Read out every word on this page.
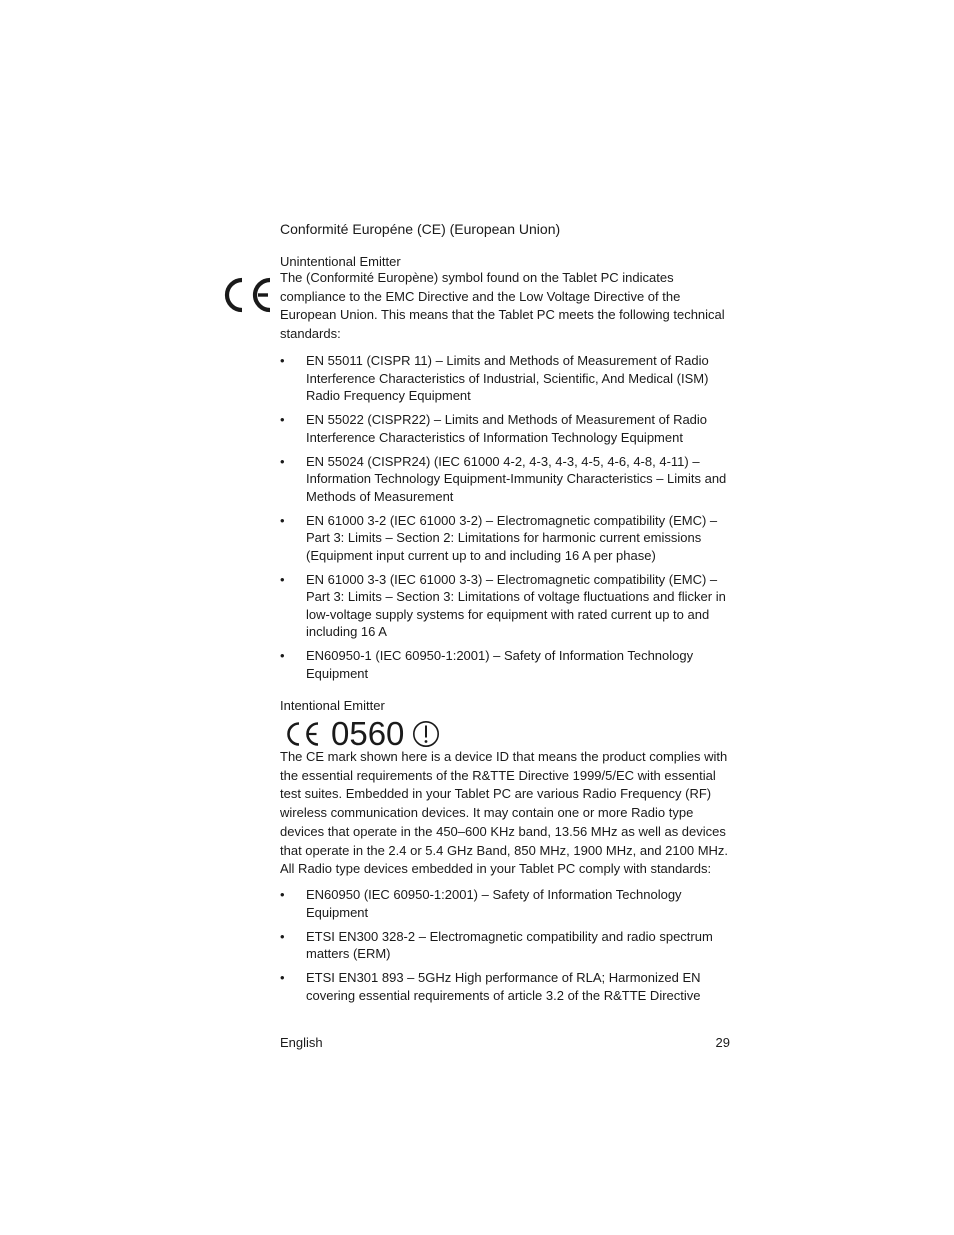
Conformité Européne (CE) (European Union)
Unintentional Emitter

The (Conformité Europène) symbol found on the Tablet PC indicates compliance to the EMC Directive and the Low Voltage Directive of the European Union. This means that the Tablet PC meets the following technical standards:

• EN 55011 (CISPR 11) – Limits and Methods of Measurement of Radio Interference Characteristics of Industrial, Scientific, And Medical (ISM) Radio Frequency Equipment
• EN 55022 (CISPR22) – Limits and Methods of Measurement of Radio Interference Characteristics of Information Technology Equipment
• EN 55024 (CISPR24) (IEC 61000 4-2, 4-3, 4-3, 4-5, 4-6, 4-8, 4-11) – Information Technology Equipment-Immunity Characteristics – Limits and Methods of Measurement
• EN 61000 3-2 (IEC 61000 3-2) – Electromagnetic compatibility (EMC) – Part 3: Limits – Section 2: Limitations for harmonic current emissions (Equipment input current up to and including 16 A per phase)
• EN 61000 3-3 (IEC 61000 3-3) – Electromagnetic compatibility (EMC) – Part 3: Limits – Section 3: Limitations of voltage fluctuations and flicker in low-voltage supply systems for equipment with rated current up to and including 16 A
• EN60950-1 (IEC 60950-1:2001) – Safety of Information Technology Equipment
Intentional Emitter

The CE mark shown here is a device ID that means the product complies with the essential requirements of the R&TTE Directive 1999/5/EC with essential test suites. Embedded in your Tablet PC are various Radio Frequency (RF) wireless communication devices. It may contain one or more Radio type devices that operate in the 450–600 KHz band, 13.56 MHz as well as devices that operate in the 2.4 or 5.4 GHz Band, 850 MHz, 1900 MHz, and 2100 MHz. All Radio type devices embedded in your Tablet PC comply with standards:

• EN60950 (IEC 60950-1:2001) – Safety of Information Technology Equipment
• ETSI EN300 328-2 – Electromagnetic compatibility and radio spectrum matters (ERM)
• ETSI EN301 893 – 5GHz High performance of RLA; Harmonized EN covering essential requirements of article 3.2 of the R&TTE Directive
0560
English	29
